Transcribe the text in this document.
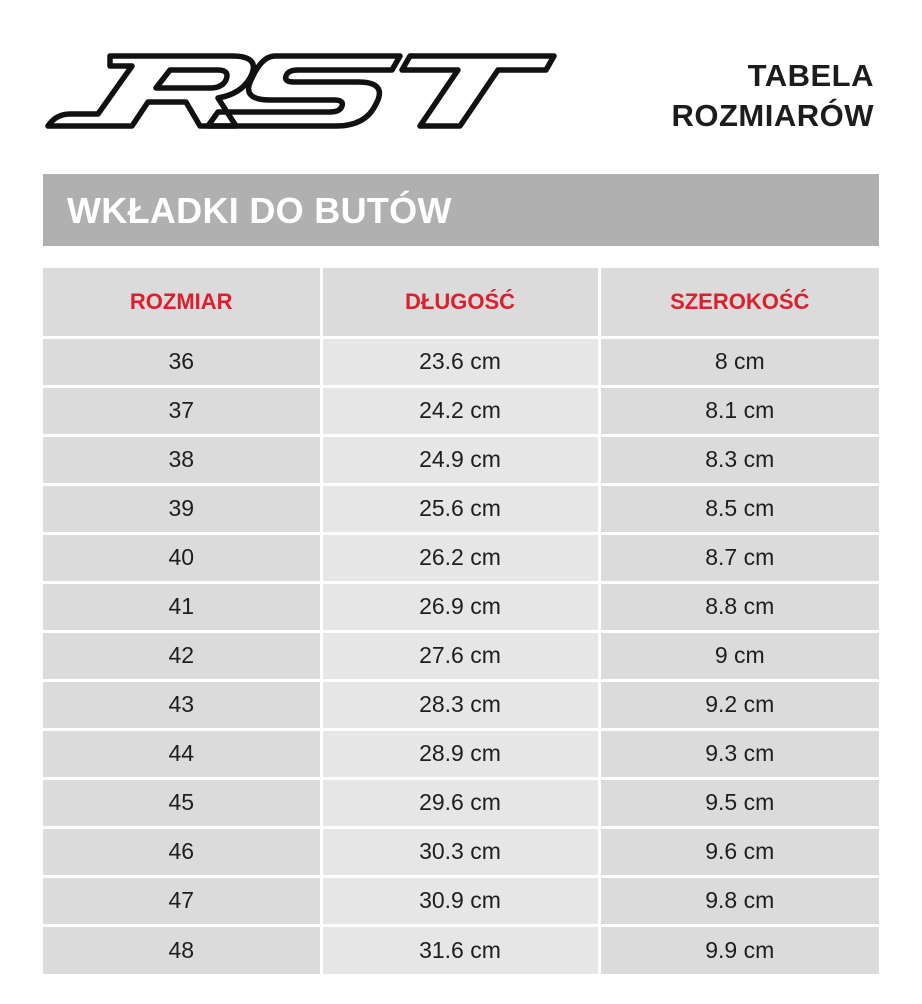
TABELA
ROZMIARÓW
WKŁADKI DO BUTÓW
ROZMIAR	DŁUGOŚĆ	SZEROKOŚĆ
36	23.6 cm	8 cm
37	24.2 cm	8.1 cm
38	24.9 cm	8.3 cm
39	25.6 cm	8.5 cm
40	26.2 cm	8.7 cm
41	26.9 cm	8.8 cm
42	27.6 cm	9 cm
43	28.3 cm	9.2 cm
44	28.9 cm	9.3 cm
45	29.6 cm	9.5 cm
46	30.3 cm	9.6 cm
47	30.9 cm	9.8 cm
48	31.6 cm	9.9 cm
